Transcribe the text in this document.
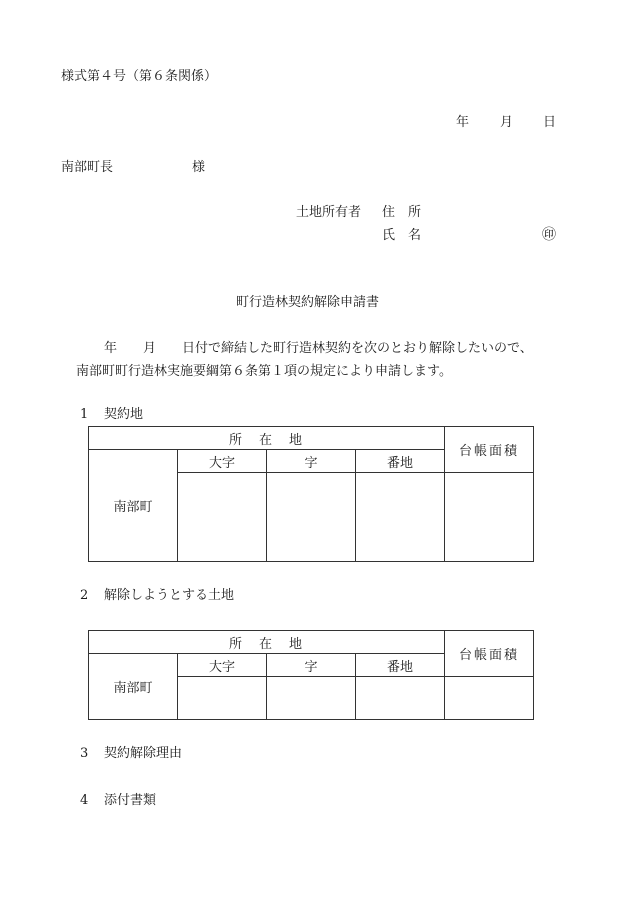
様式第４号（第６条関係）
年 月 日
南部町長	様
土地所有者 住　所
氏　名	㊞
町行造林契約解除申請書
年　　月　　日付で締結した町行造林契約を次のとおり解除したいので、
南部町町行造林実施要綱第６条第１項の規定により申請します。
1 契約地
所　在　地				台帳面積
南部町	大字	字	番地	

2 解除しようとする土地
所　在　地				台帳面積
南部町	大字	字	番地	

3 契約解除理由
4 添付書類
